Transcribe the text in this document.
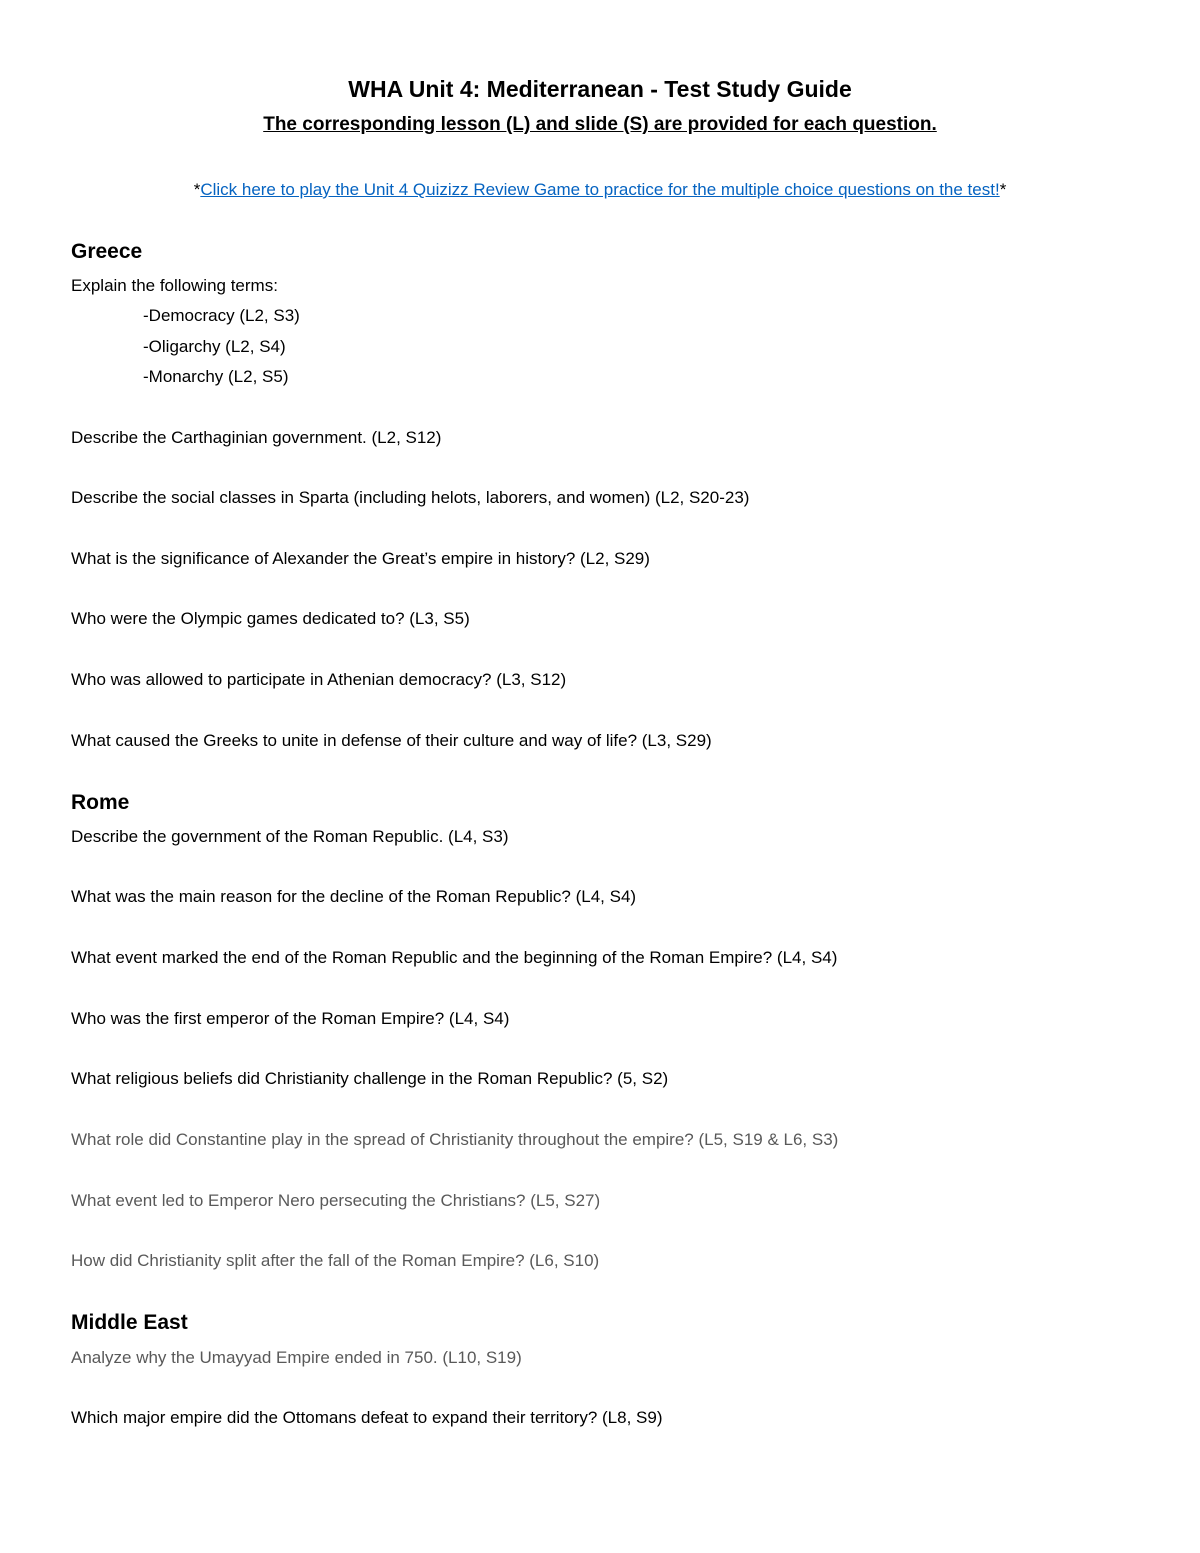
WHA Unit 4: Mediterranean - Test Study Guide
The corresponding lesson (L) and slide (S) are provided for each question.
*Click here to play the Unit 4 Quizizz Review Game to practice for the multiple choice questions on the test!*
Greece
Explain the following terms:
-Democracy (L2, S3)
-Oligarchy (L2, S4)
-Monarchy (L2, S5)
Describe the Carthaginian government. (L2, S12)
Describe the social classes in Sparta (including helots, laborers, and women) (L2, S20-23)
What is the significance of Alexander the Great’s empire in history? (L2, S29)
Who were the Olympic games dedicated to? (L3, S5)
Who was allowed to participate in Athenian democracy? (L3, S12)
What caused the Greeks to unite in defense of their culture and way of life? (L3, S29)
Rome
Describe the government of the Roman Republic. (L4, S3)
What was the main reason for the decline of the Roman Republic? (L4, S4)
What event marked the end of the Roman Republic and the beginning of the Roman Empire? (L4, S4)
Who was the first emperor of the Roman Empire? (L4, S4)
What religious beliefs did Christianity challenge in the Roman Republic? (5, S2)
What role did Constantine play in the spread of Christianity throughout the empire? (L5, S19 & L6, S3)
What event led to Emperor Nero persecuting the Christians? (L5, S27)
How did Christianity split after the fall of the Roman Empire? (L6, S10)
Middle East
Analyze why the Umayyad Empire ended in 750. (L10, S19)
Which major empire did the Ottomans defeat to expand their territory? (L8, S9)
